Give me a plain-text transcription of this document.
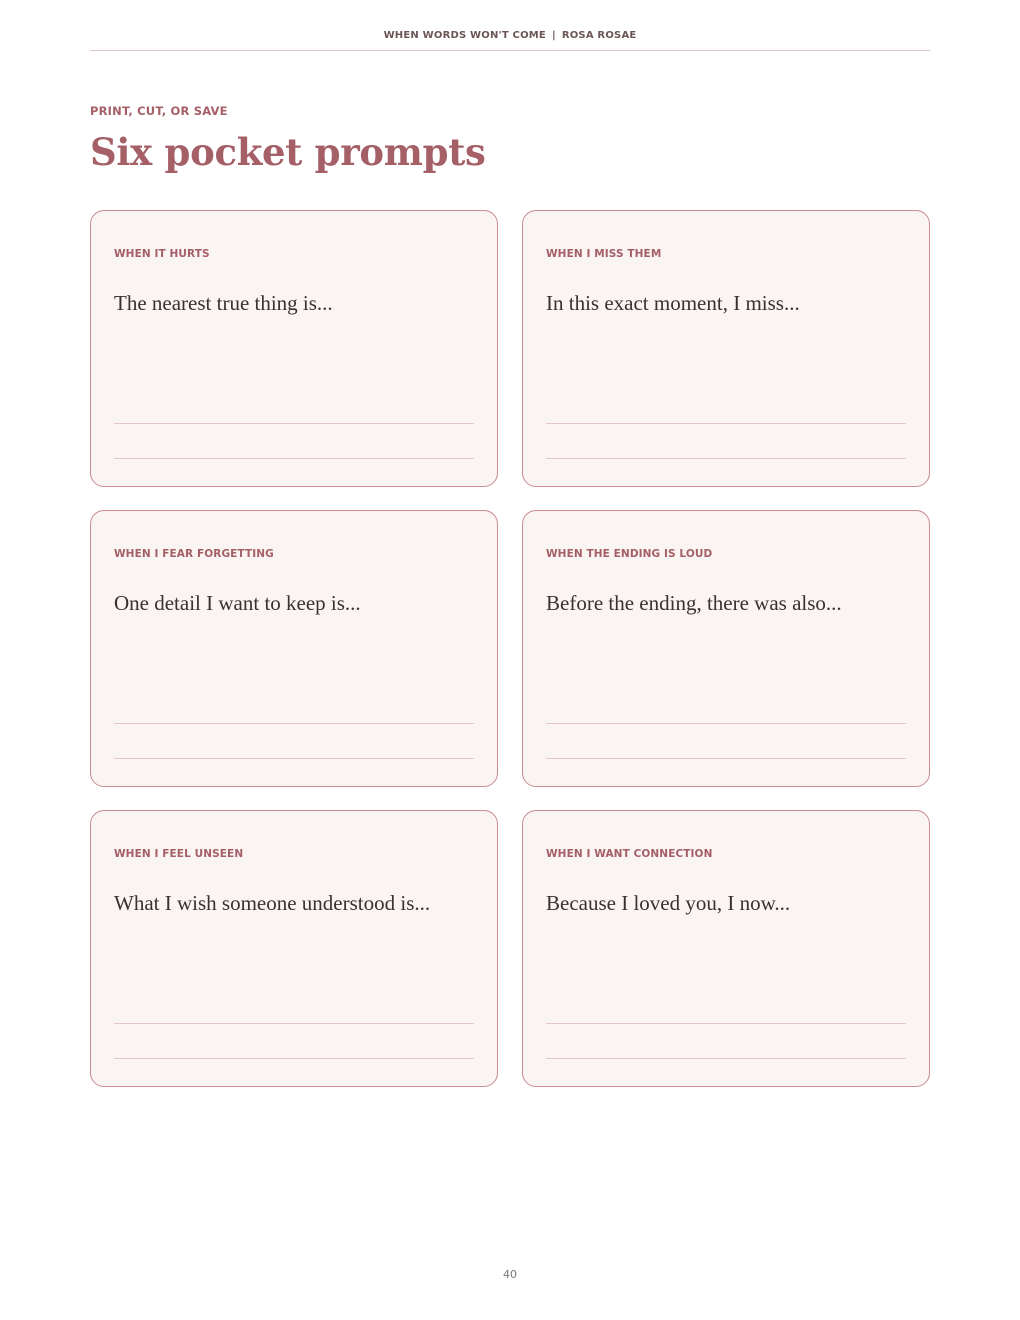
WHEN WORDS WON'T COME | ROSA ROSAE
PRINT, CUT, OR SAVE
Six pocket prompts
WHEN IT HURTS
The nearest true thing is...
WHEN I MISS THEM
In this exact moment, I miss...
WHEN I FEAR FORGETTING
One detail I want to keep is...
WHEN THE ENDING IS LOUD
Before the ending, there was also...
WHEN I FEEL UNSEEN
What I wish someone understood is...
WHEN I WANT CONNECTION
Because I loved you, I now...
40
